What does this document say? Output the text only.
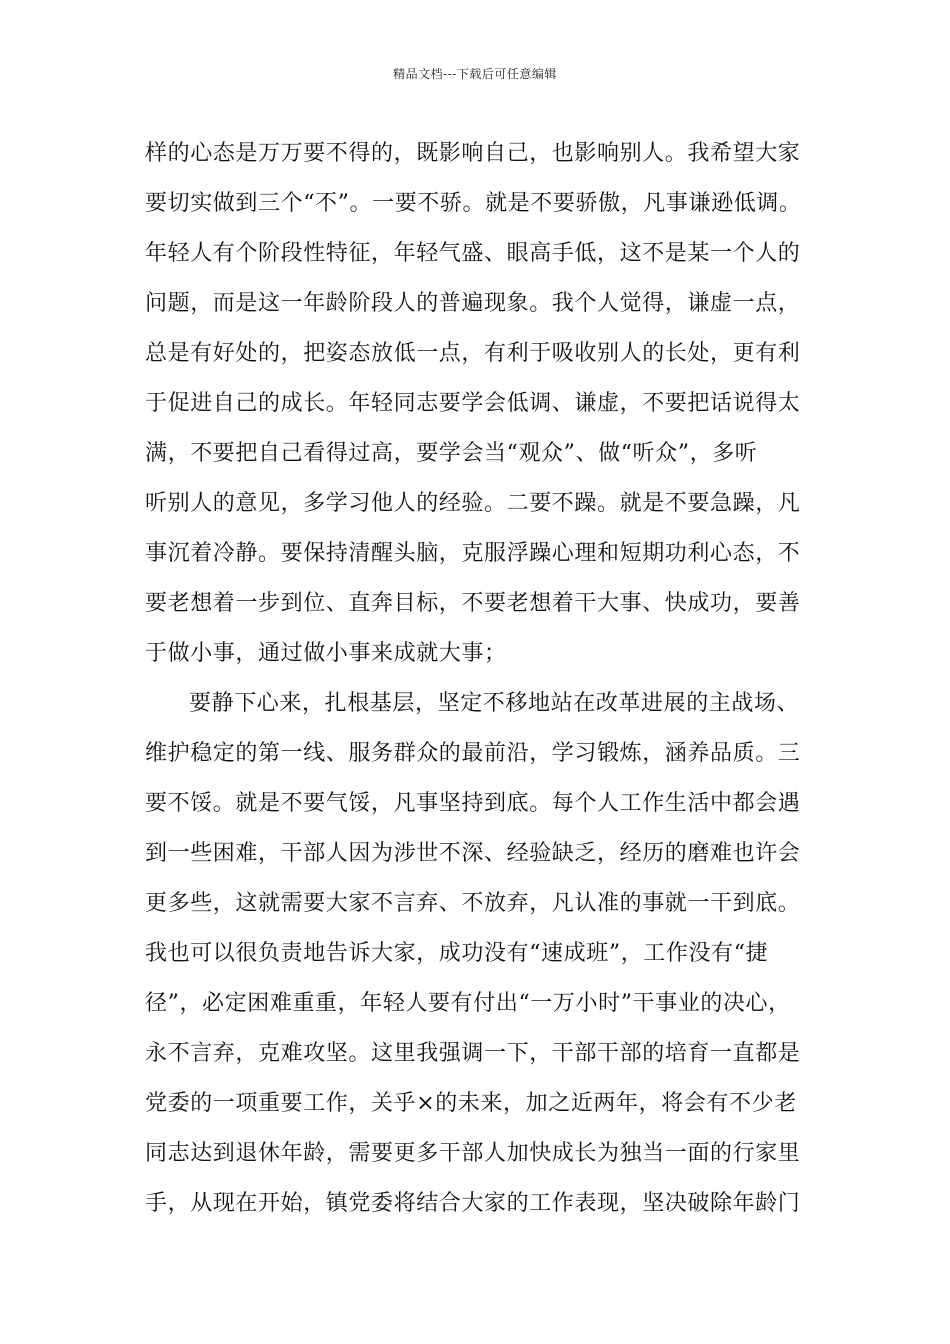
精品文档---下载后可任意编辑
样的心态是万万要不得的，既影响自己，也影响别人。我希望大家
要切实做到三个“不”。一要不骄。就是不要骄傲，凡事谦逊低调。
年轻人有个阶段性特征，年轻气盛、眼高手低，这不是某一个人的
问题，而是这一年龄阶段人的普遍现象。我个人觉得，谦虚一点，
总是有好处的，把姿态放低一点，有利于吸收别人的长处，更有利
于促进自己的成长。年轻同志要学会低调、谦虚，不要把话说得太
满，不要把自己看得过高，要学会当“观众”、做“听众”，多听
听别人的意见，多学习他人的经验。二要不躁。就是不要急躁，凡
事沉着冷静。要保持清醒头脑，克服浮躁心理和短期功利心态，不
要老想着一步到位、直奔目标，不要老想着干大事、快成功，要善
于做小事，通过做小事来成就大事；
要静下心来，扎根基层，坚定不移地站在改革进展的主战场、
维护稳定的第一线、服务群众的最前沿，学习锻炼，涵养品质。三
要不馁。就是不要气馁，凡事坚持到底。每个人工作生活中都会遇
到一些困难，干部人因为涉世不深、经验缺乏，经历的磨难也许会
更多些，这就需要大家不言弃、不放弃，凡认准的事就一干到底。
我也可以很负责地告诉大家，成功没有“速成班”，工作没有“捷
径”，必定困难重重，年轻人要有付出“一万小时”干事业的决心，
永不言弃，克难攻坚。这里我强调一下，干部干部的培育一直都是
党委的一项重要工作，关乎×的未来，加之近两年，将会有不少老
同志达到退休年龄，需要更多干部人加快成长为独当一面的行家里
手，从现在开始，镇党委将结合大家的工作表现，坚决破除年龄门
